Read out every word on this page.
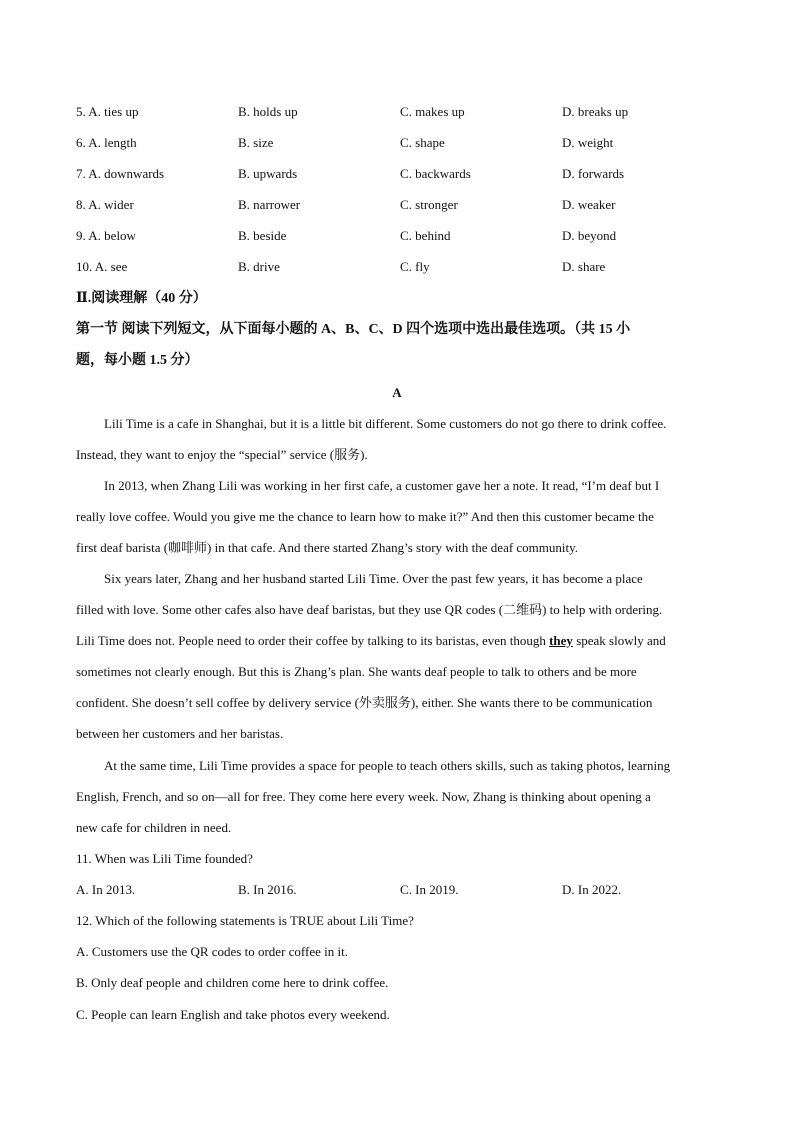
5. A. ties up	B. holds up	C. makes up	D. breaks up
6. A. length	B. size	C. shape	D. weight
7. A. downwards	B. upwards	C. backwards	D. forwards
8. A. wider	B. narrower	C. stronger	D. weaker
9. A. below	B. beside	C. behind	D. beyond
10. A. see	B. drive	C. fly	D. share
Ⅱ.阅读理解（40 分）
第一节 阅读下列短文，从下面每小题的 A、B、C、D 四个选项中选出最佳选项。（共 15 小
题，每小题 1.5 分）
A
Lili Time is a cafe in Shanghai, but it is a little bit different. Some customers do not go there to drink coffee.
Instead, they want to enjoy the “special” service (服务).
In 2013, when Zhang Lili was working in her first cafe, a customer gave her a note. It read, “I’m deaf but I
really love coffee. Would you give me the chance to learn how to make it?” And then this customer became the
first deaf barista (咖啡师) in that cafe. And there started Zhang’s story with the deaf community.
Six years later, Zhang and her husband started Lili Time. Over the past few years, it has become a place
filled with love. Some other cafes also have deaf baristas, but they use QR codes (二维码) to help with ordering.
Lili Time does not. People need to order their coffee by talking to its baristas, even though they speak slowly and
sometimes not clearly enough. But this is Zhang’s plan. She wants deaf people to talk to others and be more
confident. She doesn’t sell coffee by delivery service (外卖服务), either. She wants there to be communication
between her customers and her baristas.
At the same time, Lili Time provides a space for people to teach others skills, such as taking photos, learning
English, French, and so on—all for free. They come here every week. Now, Zhang is thinking about opening a
new cafe for children in need.
11. When was Lili Time founded?
A. In 2013.	B. In 2016.	C. In 2019.	D. In 2022.
12. Which of the following statements is TRUE about Lili Time?
A. Customers use the QR codes to order coffee in it.
B. Only deaf people and children come here to drink coffee.
C. People can learn English and take photos every weekend.
